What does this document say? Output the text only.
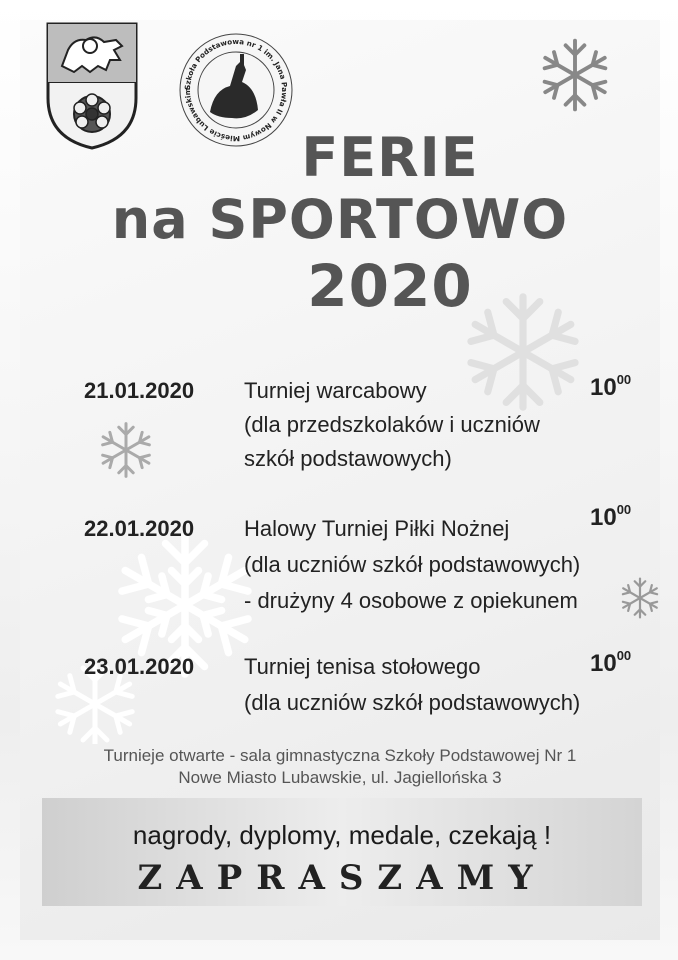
Szkoła Podstawowa nr 1 im. Jana Pawła II w Nowym Mieście Lubawskim
FERIE
na SPORTOWO
2020
21.01.2020 Turniej warcabowy
(dla przedszkolaków i uczniów
szkół podstawowych)
$10^{00}$
22.01.2020 Halowy Turniej Piłki Nożnej
(dla uczniów szkół podstawowych)
- drużyny 4 osobowe z opiekunem
$10^{00}$
23.01.2020 Turniej tenisa stołowego
(dla uczniów szkół podstawowych)
$10^{00}$
Turnieje otwarte - sala gimnastyczna Szkoły Podstawowej Nr 1
Nowe Miasto Lubawskie, ul. Jagiellońska 3
nagrody, dyplomy, medale, czekają !
ZAPRASZAMY
